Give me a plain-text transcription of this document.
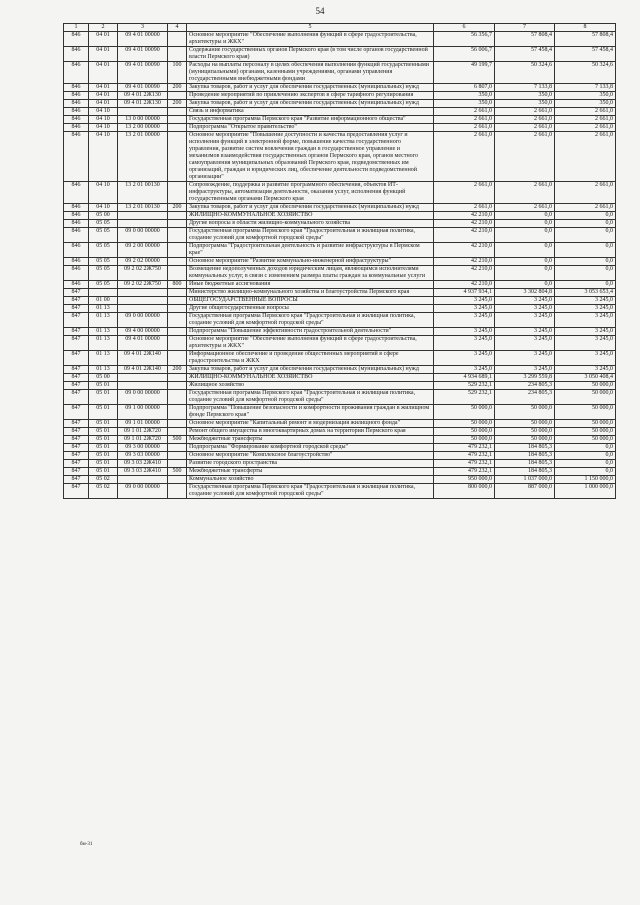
54
1	2	3	4	5	6	7	8
846	04 01	09 4 01 00000		Основное мероприятие "Обеспечение выполнения функций в сфере градостроительства, архитектуры и ЖКХ"	56 356,7	57 808,4	57 808,4
846	04 01	09 4 01 00090		Содержание государственных органов Пермского края (в том числе органов государственной власти Пермского края)	56 006,7	57 458,4	57 458,4
846	04 01	09 4 01 00090	100	Расходы на выплаты персоналу в целях обеспечения выполнения функций государственными (муниципальными) органами, казенными учреждениями, органами управления государственными внебюджетными фондами	49 199,7	50 324,6	50 324,6
846	04 01	09 4 01 00090	200	Закупка товаров, работ и услуг для обеспечения государственных (муниципальных) нужд	6 807,0	7 133,8	7 133,8
846	04 01	09 4 01 2Ж130		Проведение мероприятий по привлечению экспертов в сфере тарифного регулирования	350,0	350,0	350,0
846	04 01	09 4 01 2Ж130	200	Закупка товаров, работ и услуг для обеспечения государственных (муниципальных) нужд	350,0	350,0	350,0
846	04 10			Связь и информатика	2 661,0	2 661,0	2 661,0
846	04 10	13 0 00 00000		Государственная программа Пермского края "Развитие информационного общества"	2 661,0	2 661,0	2 661,0
846	04 10	13 2 00 00000		Подпрограмма "Открытое правительство"	2 661,0	2 661,0	2 661,0
846	04 10	13 2 01 00000		Основное мероприятие "Повышение доступности и качества предоставления услуг и исполнения функций в электронной форме, повышение качества государственного управления, развитие систем вовлечения граждан в государственное управление и механизмов взаимодействия государственных органов Пермского края, органов местного самоуправления муниципальных образований Пермского края, подведомственных им организаций, граждан и юридических лиц, обеспечение деятельности подведомственной организации"	2 661,0	2 661,0	2 661,0
846	04 10	13 2 01 00130		Сопровождение, поддержка и развитие программного обеспечения, объектов ИТ-инфраструктуры, автоматизация деятельности, оказания услуг, исполнения функций государственными органами Пермского края	2 661,0	2 661,0	2 661,0
846	04 10	13 2 01 00130	200	Закупка товаров, работ и услуг для обеспечения государственных (муниципальных) нужд	2 661,0	2 661,0	2 661,0
846	05 00			ЖИЛИЩНО-КОММУНАЛЬНОЕ ХОЗЯЙСТВО	42 210,0	0,0	0,0
846	05 05			Другие вопросы в области жилищно-коммунального хозяйства	42 210,0	0,0	0,0
846	05 05	09 0 00 00000		Государственная программа Пермского края "Градостроительная и жилищная политика, создание условий для комфортной городской среды"	42 210,0	0,0	0,0
846	05 05	09 2 00 00000		Подпрограмма "Градостроительная деятельность и развитие инфраструктуры в Пермском крае"	42 210,0	0,0	0,0
846	05 05	09 2 02 00000		Основное мероприятие "Развитие коммунально-инженерной инфраструктуры"	42 210,0	0,0	0,0
846	05 05	09 2 02 2Ж750		Возмещение недополученных доходов юридическим лицам, являющимся исполнителями коммунальных услуг, в связи с изменением размера платы граждан за коммунальные услуги	42 210,0	0,0	0,0
846	05 05	09 2 02 2Ж750	800	Иные бюджетные ассигнования	42 210,0	0,0	0,0
847				Министерство жилищно-коммунального хозяйства и благоустройства Пермского края	4 937 934,1	3 302 804,8	3 053 653,4
847	01 00			ОБЩЕГОСУДАРСТВЕННЫЕ ВОПРОСЫ	3 245,0	3 245,0	3 245,0
847	01 13			Другие общегосударственные вопросы	3 245,0	3 245,0	3 245,0
847	01 13	09 0 00 00000		Государственная программа Пермского края "Градостроительная и жилищная политика, создание условий для комфортной городской среды"	3 245,0	3 245,0	3 245,0
847	01 13	09 4 00 00000		Подпрограмма "Повышение эффективности градостроительной деятельности"	3 245,0	3 245,0	3 245,0
847	01 13	09 4 01 00000		Основное мероприятие "Обеспечение выполнения функций в сфере градостроительства, архитектуры и ЖКХ"	3 245,0	3 245,0	3 245,0
847	01 13	09 4 01 2Ж140		Информационное обеспечение и проведение общественных мероприятий в сфере градостроительства и ЖКХ	3 245,0	3 245,0	3 245,0
847	01 13	09 4 01 2Ж140	200	Закупка товаров, работ и услуг для обеспечения государственных (муниципальных) нужд	3 245,0	3 245,0	3 245,0
847	05 00			ЖИЛИЩНО-КОММУНАЛЬНОЕ ХОЗЯЙСТВО	4 934 689,1	3 299 559,8	3 050 408,4
847	05 01			Жилищное хозяйство	529 232,1	234 805,3	50 000,0
847	05 01	09 0 00 00000		Государственная программа Пермского края "Градостроительная и жилищная политика, создание условий для комфортной городской среды"	529 232,1	234 805,3	50 000,0
847	05 01	09 1 00 00000		Подпрограмма "Повышение безопасности и комфортности проживания граждан в жилищном фонде Пермского края"	50 000,0	50 000,0	50 000,0
847	05 01	09 1 01 00000		Основное мероприятие "Капитальный ремонт и модернизация жилищного фонда"	50 000,0	50 000,0	50 000,0
847	05 01	09 1 01 2Ж720		Ремонт общего имущества в многоквартирных домах на территории Пермского края	50 000,0	50 000,0	50 000,0
847	05 01	09 1 01 2Ж720	500	Межбюджетные трансферты	50 000,0	50 000,0	50 000,0
847	05 01	09 3 00 00000		Подпрограмма "Формирование комфортной городской среды"	479 232,1	184 805,3	0,0
847	05 01	09 3 03 00000		Основное мероприятие "Комплексное благоустройство"	479 232,1	184 805,3	0,0
847	05 01	09 3 03 2Ж410		Развитие городского пространства	479 232,1	184 805,3	0,0
847	05 01	09 3 03 2Ж410	500	Межбюджетные трансферты	479 232,1	184 805,3	0,0
847	05 02			Коммунальное хозяйство	950 000,0	1 037 000,0	1 150 000,0
847	05 02	09 0 00 00000		Государственная программа Пермского края "Градостроительная и жилищная политика, создание условий для комфортной городской среды"	800 000,0	887 000,0	1 000 000,0
бм-31
